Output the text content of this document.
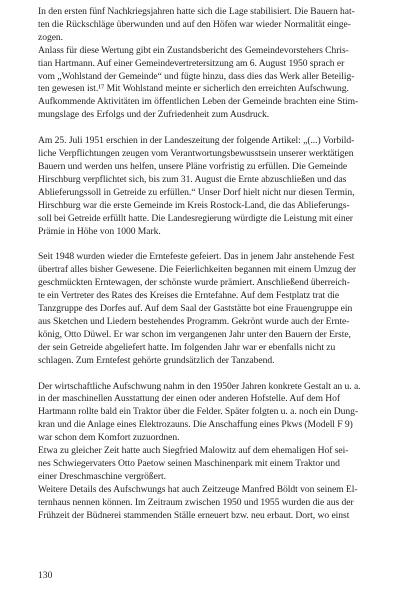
In den ersten fünf Nachkriegsjahren hatte sich die Lage stabilisiert. Die Bauern hat-
ten die Rückschläge überwunden und auf den Höfen war wieder Normalität einge-
zogen.
Anlass für diese Wertung gibt ein Zustandsbericht des Gemeindevorstehers Chris-
tian Hartmann. Auf einer Gemeindevertretersitzung am 6. August 1950 sprach er
vom „Wohlstand der Gemeinde“ und fügte hinzu, dass dies das Werk aller Beteilig-
ten gewesen ist.¹⁷ Mit Wohlstand meinte er sicherlich den erreichten Aufschwung.
Aufkommende Aktivitäten im öffentlichen Leben der Gemeinde brachten eine Stim-
mungslage des Erfolgs und der Zufriedenheit zum Ausdruck.

Am 25. Juli 1951 erschien in der Landeszeitung der folgende Artikel: „(...) Vorbild-
liche Verpflichtungen zeugen vom Verantwortungsbewusstsein unserer werktätigen
Bauern und werden uns helfen, unsere Pläne vorfristig zu erfüllen. Die Gemeinde
Hirschburg verpflichtet sich, bis zum 31. August die Ernte abzuschließen und das
Ablieferungssoll in Getreide zu erfüllen.“ Unser Dorf hielt nicht nur diesen Termin,
Hirschburg war die erste Gemeinde im Kreis Rostock-Land, die das Ablieferungs-
soll bei Getreide erfüllt hatte. Die Landesregierung würdigte die Leistung mit einer
Prämie in Höhe von 1000 Mark.

Seit 1948 wurden wieder die Erntefeste gefeiert. Das in jenem Jahr anstehende Fest
übertraf alles bisher Gewesene. Die Feierlichkeiten begannen mit einem Umzug der
geschmückten Erntewagen, der schönste wurde prämiert. Anschließend überreich-
te ein Vertreter des Rates des Kreises die Erntefahne. Auf dem Festplatz trat die
Tanzgruppe des Dorfes auf. Auf dem Saal der Gaststätte bot eine Frauengruppe ein
aus Sketchen und Liedern bestehendes Programm. Gekrönt wurde auch der Ernte-
könig, Otto Düwel. Er war schon im vergangenen Jahr unter den Bauern der Erste,
der sein Getreide abgeliefert hatte. Im folgenden Jahr war er ebenfalls nicht zu
schlagen. Zum Erntefest gehörte grundsätzlich der Tanzabend.

Der wirtschaftliche Aufschwung nahm in den 1950er Jahren konkrete Gestalt an u. a.
in der maschinellen Ausstattung der einen oder anderen Hofstelle. Auf dem Hof
Hartmann rollte bald ein Traktor über die Felder. Später folgten u. a. noch ein Dung-
kran und die Anlage eines Elektrozauns. Die Anschaffung eines Pkws (Modell F 9)
war schon dem Komfort zuzuordnen.
Etwa zu gleicher Zeit hatte auch Siegfried Malowitz auf dem ehemaligen Hof sei-
nes Schwiegervaters Otto Paetow seinen Maschinenpark mit einem Traktor und
einer Dreschmaschine vergrößert.
Weitere Details des Aufschwungs hat auch Zeitzeuge Manfred Böldt von seinem El-
ternhaus nennen können. Im Zeitraum zwischen 1950 und 1955 wurden die aus der
Frühzeit der Büdnerei stammenden Ställe erneuert bzw. neu erbaut. Dort, wo einst

130
